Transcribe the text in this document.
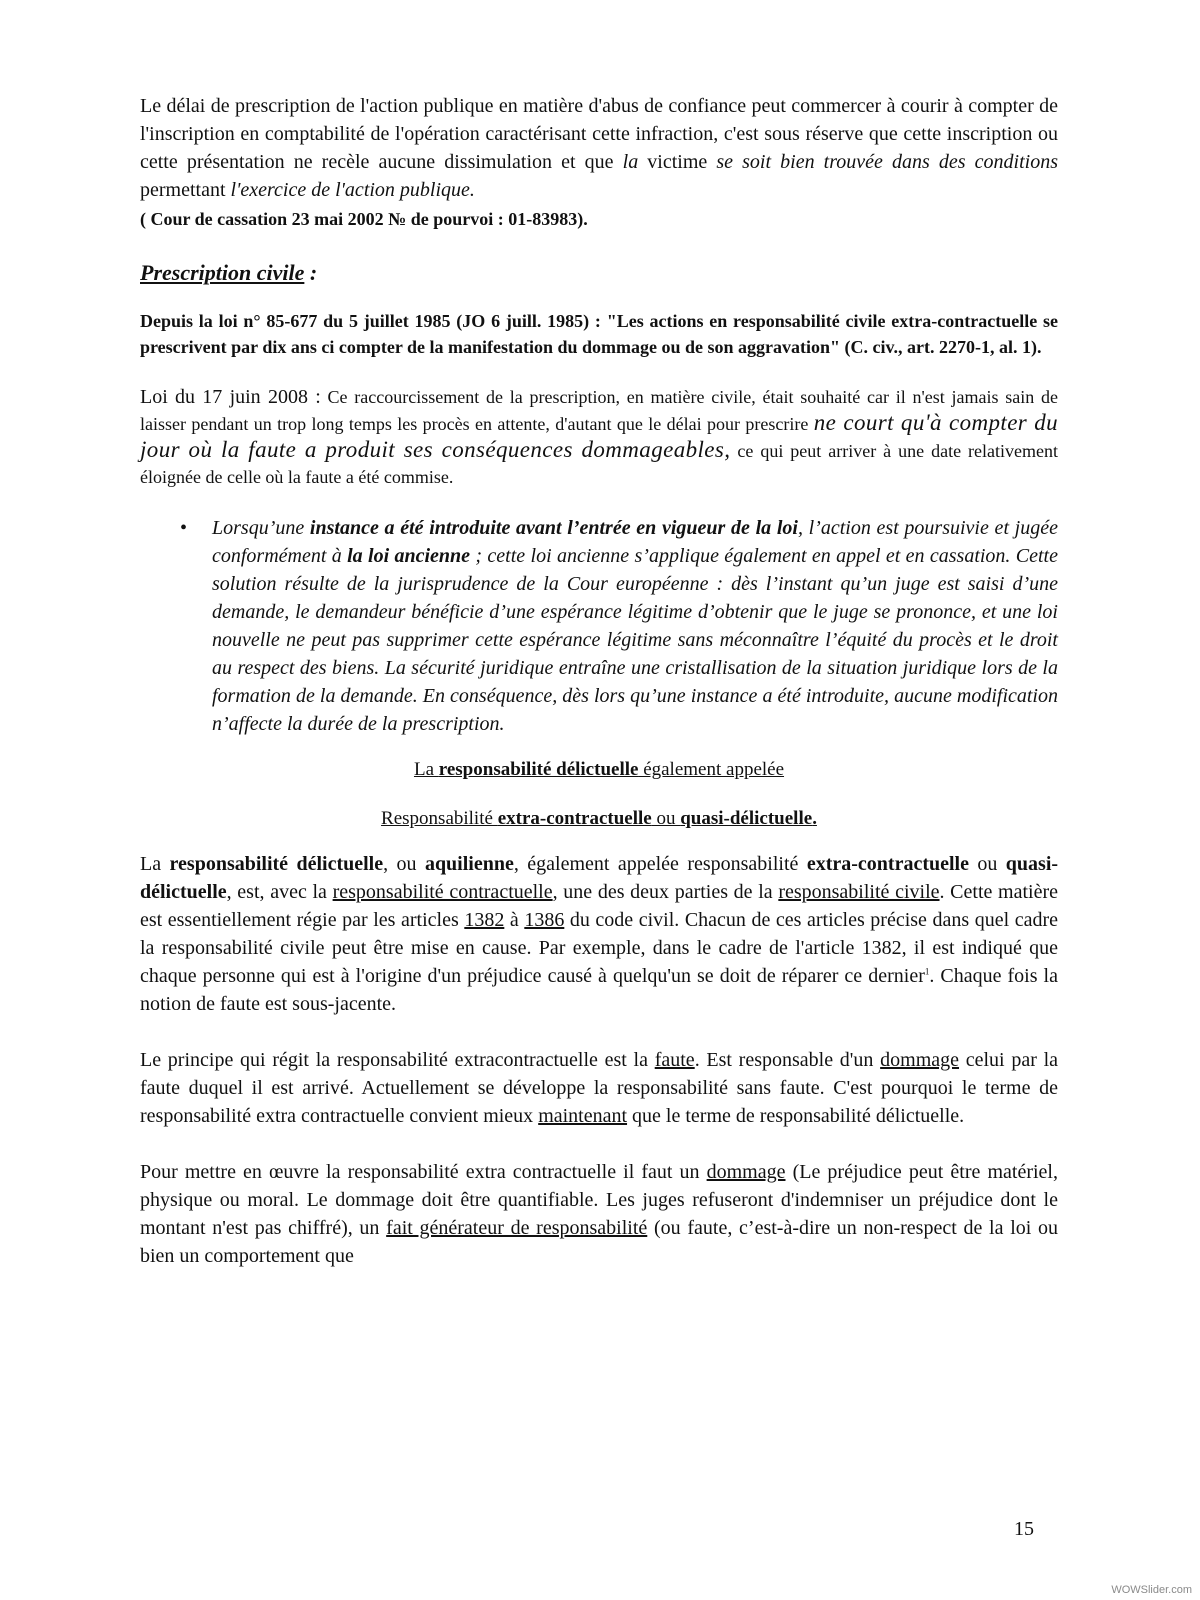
Le délai de prescription de l'action publique en matière d'abus de confiance peut commercer à courir à compter de l'inscription en comptabilité de l'opération caractérisant cette infraction, c'est sous réserve que cette inscription ou cette présentation ne recèle aucune dissimulation et que la victime se soit bien trouvée dans des conditions permettant l'exercice de l'action publique.

( Cour de cassation 23 mai 2002 № de pourvoi : 01-83983).

Prescription civile :

Depuis la loi n° 85-677 du 5 juillet 1985 (JO 6 juill. 1985) : "Les actions en responsabilité civile extra-contractuelle se prescrivent par dix ans ci compter de la manifestation du dommage ou de son aggravation" (C. civ., art. 2270-1, al. 1).

Loi du 17 juin 2008 : Ce raccourcissement de la prescription, en matière civile, était souhaité car il n'est jamais sain de laisser pendant un trop long temps les procès en attente, d'autant que le délai pour prescrire ne court qu'à compter du jour où la faute a produit ses conséquences dommageables, ce qui peut arriver à une date relativement éloignée de celle où la faute a été commise.

• Lorsqu’une instance a été introduite avant l’entrée en vigueur de la loi, l’action est poursuivie et jugée conformément à la loi ancienne ; cette loi ancienne s’applique également en appel et en cassation. Cette solution résulte de la jurisprudence de la Cour européenne : dès l’instant qu’un juge est saisi d’une demande, le demandeur bénéficie d’une espérance légitime d’obtenir que le juge se prononce, et une loi nouvelle ne peut pas supprimer cette espérance légitime sans méconnaître l’équité du procès et le droit au respect des biens. La sécurité juridique entraîne une cristallisation de la situation juridique lors de la formation de la demande. En conséquence, dès lors qu’une instance a été introduite, aucune modification n’affecte la durée de la prescription.

La responsabilité délictuelle également appelée

Responsabilité extra-contractuelle ou quasi-délictuelle.

La responsabilité délictuelle, ou aquilienne, également appelée responsabilité extra-contractuelle ou quasi-délictuelle, est, avec la responsabilité contractuelle, une des deux parties de la responsabilité civile. Cette matière est essentiellement régie par les articles 1382 à 1386 du code civil. Chacun de ces articles précise dans quel cadre la responsabilité civile peut être mise en cause. Par exemple, dans le cadre de l'article 1382, il est indiqué que chaque personne qui est à l'origine d'un préjudice causé à quelqu'un se doit de réparer ce dernier$^1$. Chaque fois la notion de faute est sous-jacente.

Le principe qui régit la responsabilité extracontractuelle est la faute. Est responsable d'un dommage celui par la faute duquel il est arrivé. Actuellement se développe la responsabilité sans faute. C'est pourquoi le terme de responsabilité extra contractuelle convient mieux maintenant que le terme de responsabilité délictuelle.

Pour mettre en œuvre la responsabilité extra contractuelle il faut un dommage (Le préjudice peut être matériel, physique ou moral. Le dommage doit être quantifiable. Les juges refuseront d'indemniser un préjudice dont le montant n'est pas chiffré), un fait générateur de responsabilité (ou faute, c’est-à-dire un non-respect de la loi ou bien un comportement que

15
WOWSlider.com
